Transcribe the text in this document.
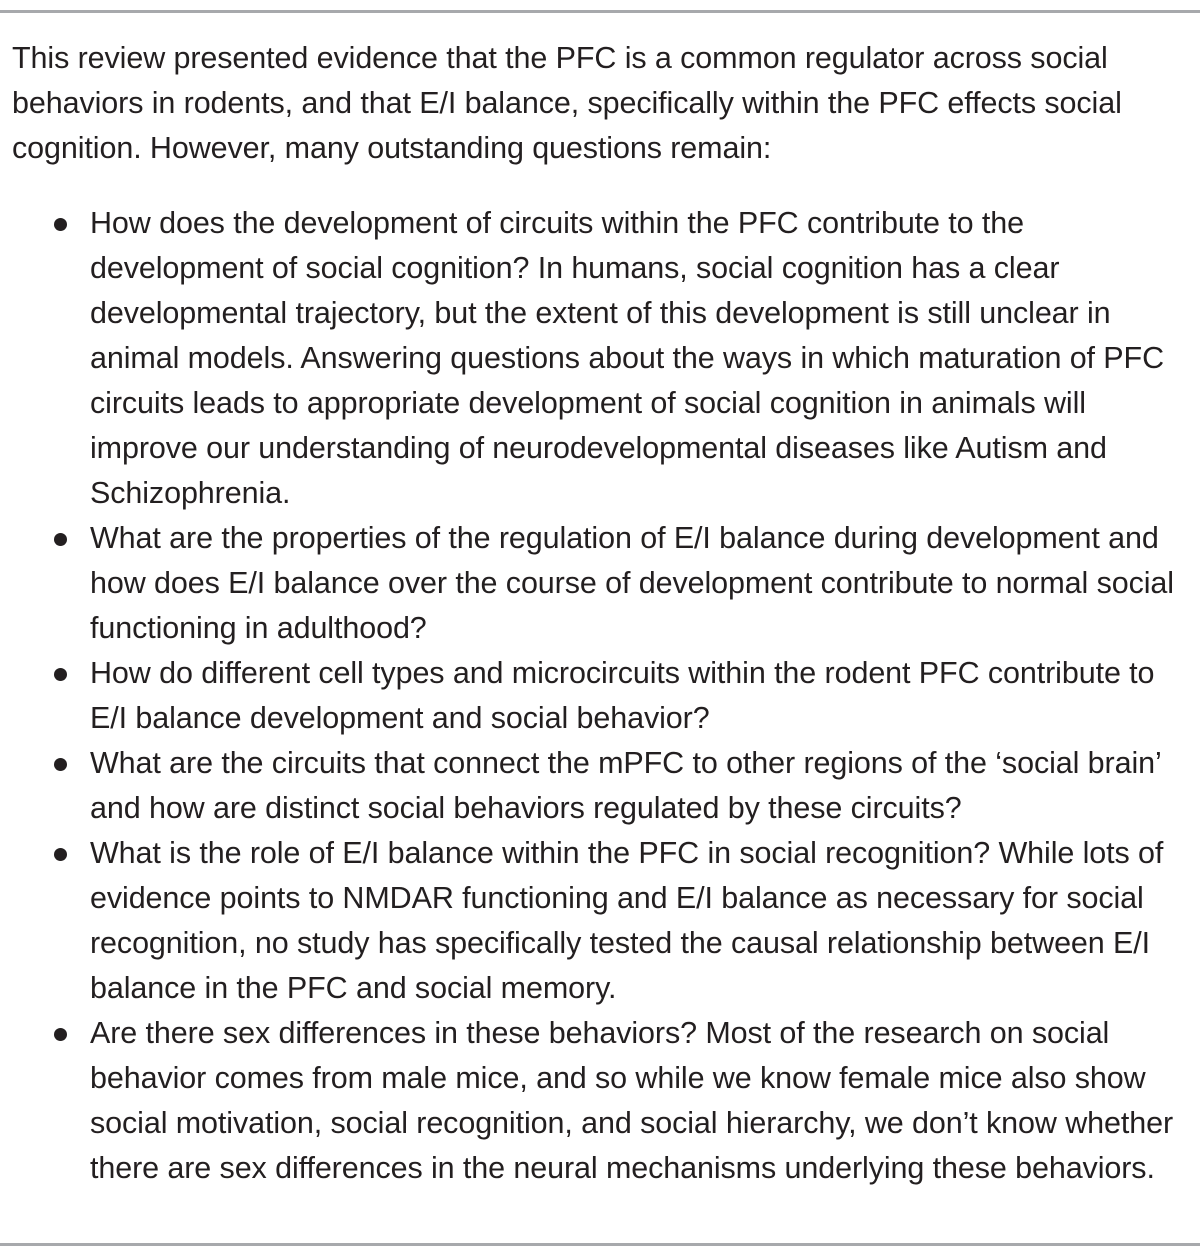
This review presented evidence that the PFC is a common regulator across social behaviors in rodents, and that E/I balance, specifically within the PFC effects social cognition. However, many outstanding questions remain:

How does the development of circuits within the PFC contribute to the development of social cognition? In humans, social cognition has a clear developmental trajectory, but the extent of this development is still unclear in animal models. Answering questions about the ways in which maturation of PFC circuits leads to appropriate development of social cognition in animals will improve our understanding of neurodevelopmental diseases like Autism and Schizophrenia.
What are the properties of the regulation of E/I balance during development and how does E/I balance over the course of development contribute to normal social functioning in adulthood?
How do different cell types and microcircuits within the rodent PFC contribute to E/I balance development and social behavior?
What are the circuits that connect the mPFC to other regions of the ‘social brain’ and how are distinct social behaviors regulated by these circuits?
What is the role of E/I balance within the PFC in social recognition? While lots of evidence points to NMDAR functioning and E/I balance as necessary for social recognition, no study has specifically tested the causal relationship between E/I balance in the PFC and social memory.
Are there sex differences in these behaviors? Most of the research on social behavior comes from male mice, and so while we know female mice also show social motivation, social recognition, and social hierarchy, we don’t know whether there are sex differences in the neural mechanisms underlying these behaviors.
